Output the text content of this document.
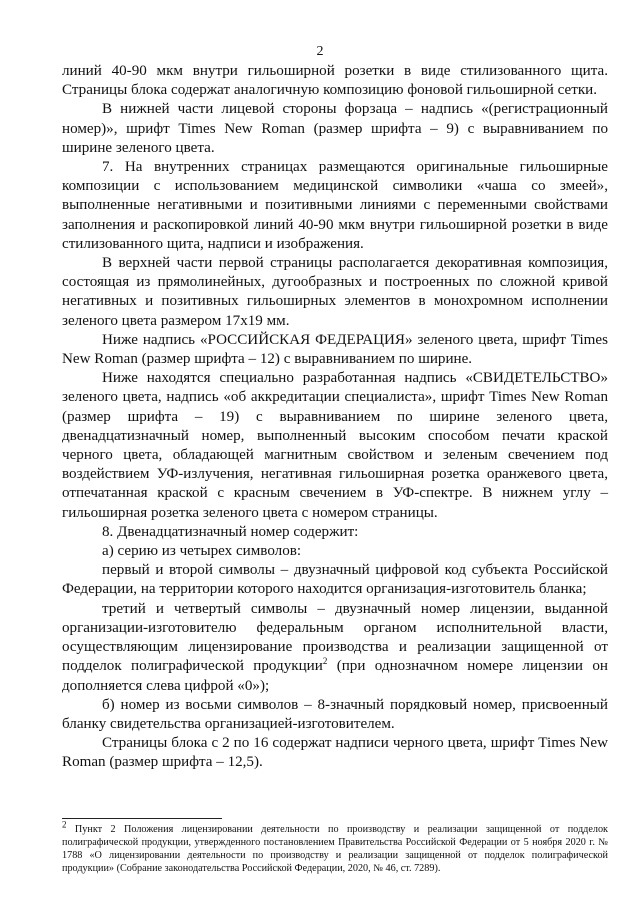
2

линий 40-90 мкм внутри гильоширной розетки в виде стилизованного щита. Страницы блока содержат аналогичную композицию фоновой гильоширной сетки.

В нижней части лицевой стороны форзаца – надпись «(регистрационный номер)», шрифт Times New Roman (размер шрифта – 9) с выравниванием по ширине зеленого цвета.

7. На внутренних страницах размещаются оригинальные гильоширные композиции с использованием медицинской символики «чаша со змеей», выполненные негативными и позитивными линиями с переменными свойствами заполнения и раскопировкой линий 40-90 мкм внутри гильоширной розетки в виде стилизованного щита, надписи и изображения.

В верхней части первой страницы располагается декоративная композиция, состоящая из прямолинейных, дугообразных и построенных по сложной кривой негативных и позитивных гильоширных элементов в монохромном исполнении зеленого цвета размером 17х19 мм.

Ниже надпись «РОССИЙСКАЯ ФЕДЕРАЦИЯ» зеленого цвета, шрифт Times New Roman (размер шрифта – 12) с выравниванием по ширине.

Ниже находятся специально разработанная надпись «СВИДЕТЕЛЬСТВО» зеленого цвета, надпись «об аккредитации специалиста», шрифт Times New Roman (размер шрифта – 19) с выравниванием по ширине зеленого цвета, двенадцатизначный номер, выполненный высоким способом печати краской черного цвета, обладающей магнитным свойством и зеленым свечением под воздействием УФ-излучения, негативная гильоширная розетка оранжевого цвета, отпечатанная краской с красным свечением в УФ-спектре. В нижнем углу – гильоширная розетка зеленого цвета с номером страницы.

8. Двенадцатизначный номер содержит:

а) серию из четырех символов:

первый и второй символы – двузначный цифровой код субъекта Российской Федерации, на территории которого находится организация-изготовитель бланка;

третий и четвертый символы – двузначный номер лицензии, выданной организации-изготовителю федеральным органом исполнительной власти, осуществляющим лицензирование производства и реализации защищенной от подделок полиграфической продукции$^2$ (при однозначном номере лицензии он дополняется слева цифрой «0»);

б) номер из восьми символов – 8-значный порядковый номер, присвоенный бланку свидетельства организацией-изготовителем.

Страницы блока с 2 по 16 содержат надписи черного цвета, шрифт Times New Roman (размер шрифта – 12,5).

$^2$ Пункт 2 Положения лицензировании деятельности по производству и реализации защищенной от подделок полиграфической продукции, утвержденного постановлением Правительства Российской Федерации от 5 ноября 2020 г. № 1788 «О лицензировании деятельности по производству и реализации защищенной от подделок полиграфической продукции» (Собрание законодательства Российской Федерации, 2020, № 46, ст. 7289).
